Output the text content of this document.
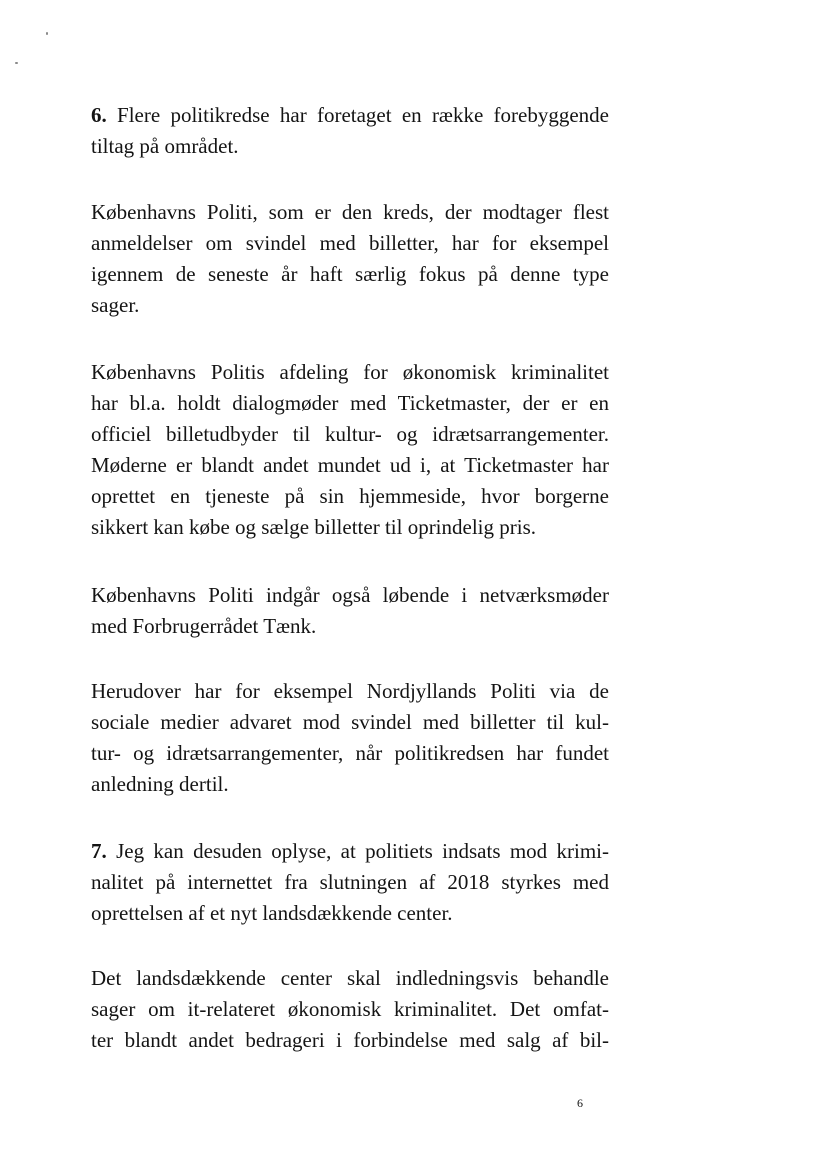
6. Flere politikredse har foretaget en række forebyggende
tiltag på området.

Københavns Politi, som er den kreds, der modtager flest
anmeldelser om svindel med billetter, har for eksempel
igennem de seneste år haft særlig fokus på denne type
sager.

Københavns Politis afdeling for økonomisk kriminalitet
har bl.a. holdt dialogmøder med Ticketmaster, der er en
officiel billetudbyder til kultur- og idrætsarrangementer.
Møderne er blandt andet mundet ud i, at Ticketmaster har
oprettet en tjeneste på sin hjemmeside, hvor borgerne
sikkert kan købe og sælge billetter til oprindelig pris.

Københavns Politi indgår også løbende i netværksmøder
med Forbrugerrådet Tænk.

Herudover har for eksempel Nordjyllands Politi via de
sociale medier advaret mod svindel med billetter til kul-
tur- og idrætsarrangementer, når politikredsen har fundet
anledning dertil.

7. Jeg kan desuden oplyse, at politiets indsats mod krimi-
nalitet på internettet fra slutningen af 2018 styrkes med
oprettelsen af et nyt landsdækkende center.

Det landsdækkende center skal indledningsvis behandle
sager om it-relateret økonomisk kriminalitet. Det omfat-
ter blandt andet bedrageri i forbindelse med salg af bil-

6
